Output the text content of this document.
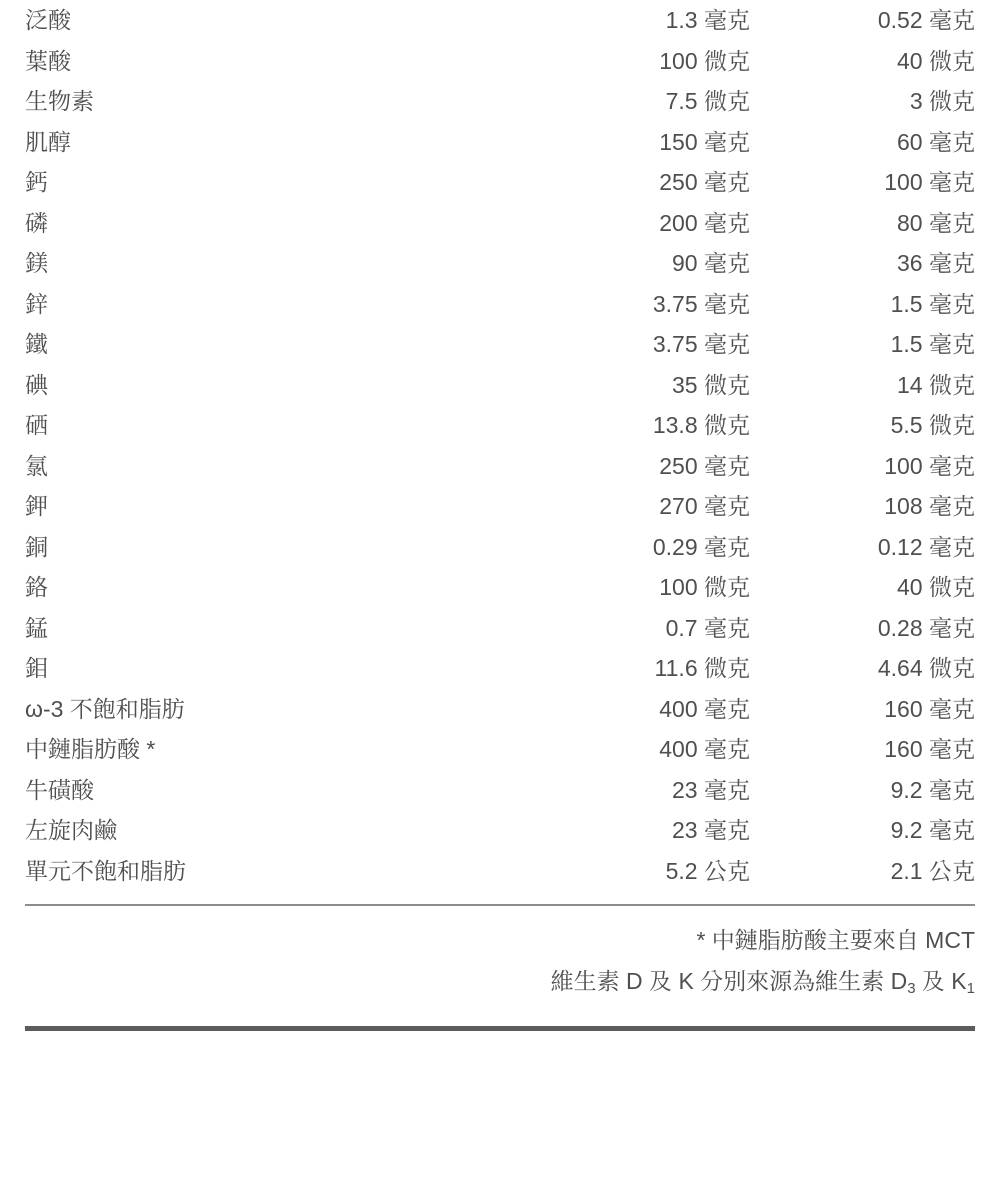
泛酸	1.3 毫克	0.52 毫克
葉酸	100 微克	40 微克
生物素	7.5 微克	3 微克
肌醇	150 毫克	60 毫克
鈣	250 毫克	100 毫克
磷	200 毫克	80 毫克
鎂	90 毫克	36 毫克
鋅	3.75 毫克	1.5 毫克
鐵	3.75 毫克	1.5 毫克
碘	35 微克	14 微克
硒	13.8 微克	5.5 微克
氯	250 毫克	100 毫克
鉀	270 毫克	108 毫克
銅	0.29 毫克	0.12 毫克
鉻	100 微克	40 微克
錳	0.7 毫克	0.28 毫克
鉬	11.6 微克	4.64 微克
ω-3 不飽和脂肪	400 毫克	160 毫克
中鏈脂肪酸 *	400 毫克	160 毫克
牛磺酸	23 毫克	9.2 毫克
左旋肉鹼	23 毫克	9.2 毫克
單元不飽和脂肪	5.2 公克	2.1 公克
* 中鏈脂肪酸主要來自 MCT
維生素 D 及 K 分別來源為維生素 $D_3$ 及 $K_1$
